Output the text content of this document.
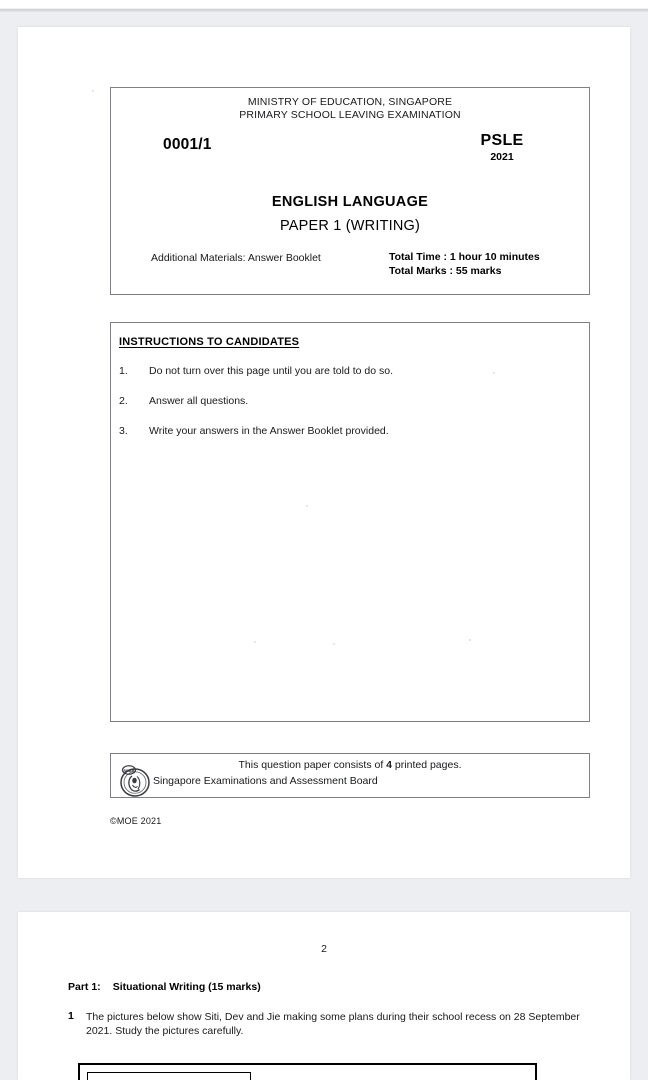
MINISTRY OF EDUCATION, SINGAPORE
PRIMARY SCHOOL LEAVING EXAMINATION
0001/1	PSLE
2021
ENGLISH LANGUAGE
PAPER 1 (WRITING)
Additional Materials: Answer Booklet	Total Time : 1 hour 10 minutes
Total Marks : 55 marks
INSTRUCTIONS TO CANDIDATES
1.	Do not turn over this page until you are told to do so.
2.	Answer all questions.
3.	Write your answers in the Answer Booklet provided.
This question paper consists of 4 printed pages.
SEAB
Singapore Examinations and Assessment Board
©MOE 2021
2
Part 1: Situational Writing (15 marks)
1 The pictures below show Siti, Dev and Jie making some plans during their school recess on 28 September 2021. Study the pictures carefully.
